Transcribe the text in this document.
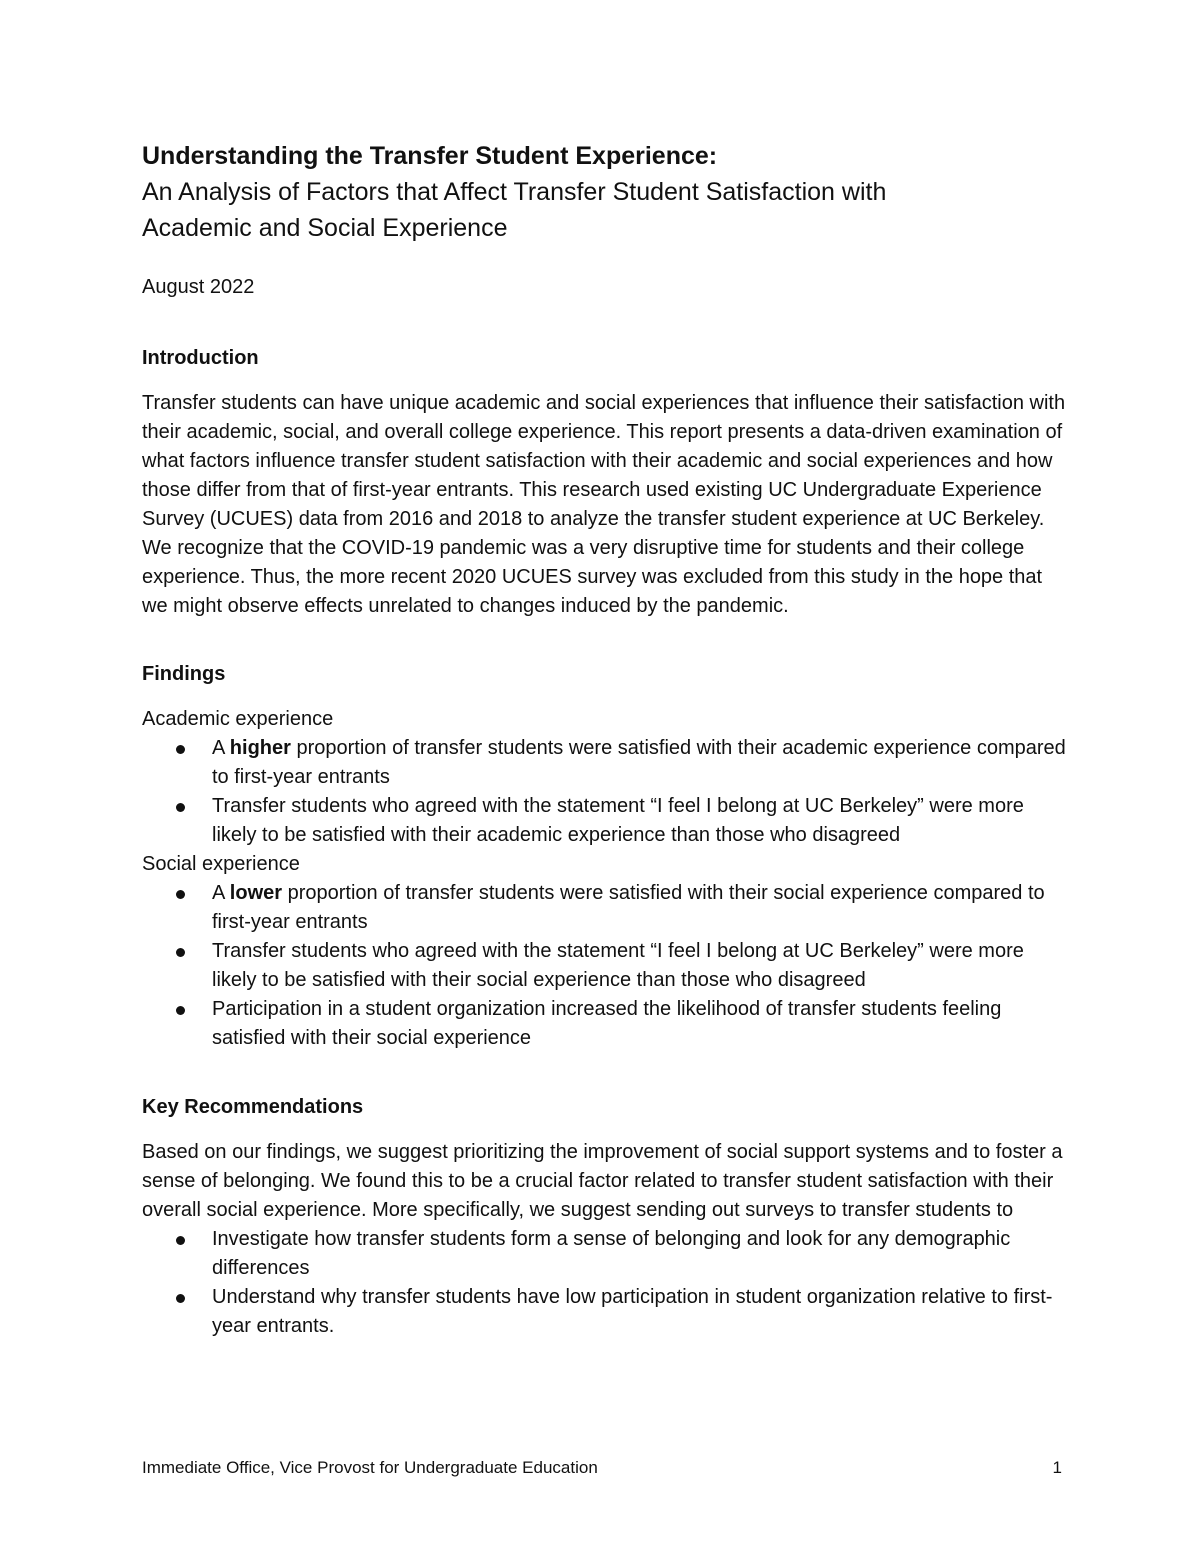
Understanding the Transfer Student Experience:
An Analysis of Factors that Affect Transfer Student Satisfaction with
Academic and Social Experience

August 2022

Introduction

Transfer students can have unique academic and social experiences that influence their satisfaction with their academic, social, and overall college experience. This report presents a data-driven examination of what factors influence transfer student satisfaction with their academic and social experiences and how those differ from that of first-year entrants. This research used existing UC Undergraduate Experience Survey (UCUES) data from 2016 and 2018 to analyze the transfer student experience at UC Berkeley. We recognize that the COVID-19 pandemic was a very disruptive time for students and their college experience. Thus, the more recent 2020 UCUES survey was excluded from this study in the hope that we might observe effects unrelated to changes induced by the pandemic.

Findings
Academic experience
A higher proportion of transfer students were satisfied with their academic experience compared to first-year entrants
Transfer students who agreed with the statement “I feel I belong at UC Berkeley” were more likely to be satisfied with their academic experience than those who disagreed
Social experience
A lower proportion of transfer students were satisfied with their social experience compared to first-year entrants
Transfer students who agreed with the statement “I feel I belong at UC Berkeley” were more likely to be satisfied with their social experience than those who disagreed
Participation in a student organization increased the likelihood of transfer students feeling satisfied with their social experience
Key Recommendations

Based on our findings, we suggest prioritizing the improvement of social support systems and to foster a sense of belonging. We found this to be a crucial factor related to transfer student satisfaction with their overall social experience. More specifically, we suggest sending out surveys to transfer students to

Investigate how transfer students form a sense of belonging and look for any demographic differences
Understand why transfer students have low participation in student organization relative to first-year entrants.
Immediate Office, Vice Provost for Undergraduate Education	1
